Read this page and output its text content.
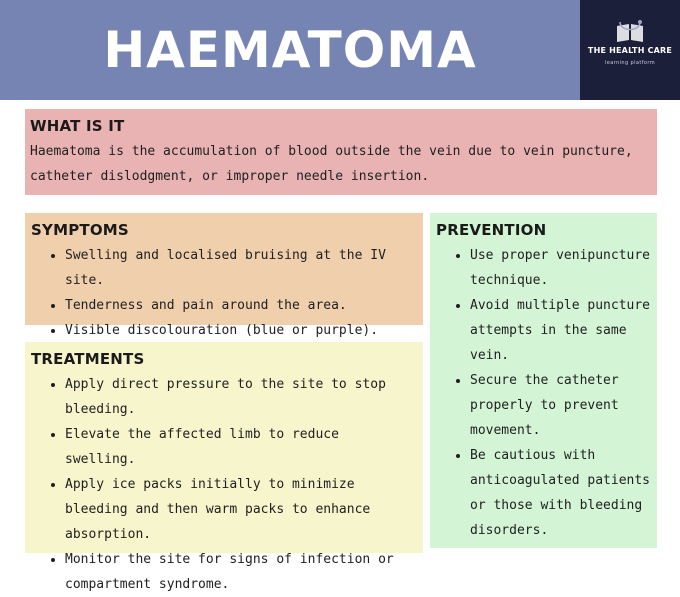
HAEMATOMA	THE HEALTH CARE
learning platform
WHAT IS IT

Haematoma is the accumulation of blood outside the vein due to vein puncture, catheter dislodgment, or improper needle insertion.

SYMPTOMS
• Swelling and localised bruising at the IV site.
• Tenderness and pain around the area.
• Visible discolouration (blue or purple).
TREATMENTS
• Apply direct pressure to the site to stop bleeding.
• Elevate the affected limb to reduce swelling.
• Apply ice packs initially to minimize bleeding and then warm packs to enhance absorption.
• Monitor the site for signs of infection or compartment syndrome.
PREVENTION
• Use proper venipuncture technique.
• Avoid multiple puncture attempts in the same vein.
• Secure the catheter properly to prevent movement.
• Be cautious with anticoagulated patients or those with bleeding disorders.
